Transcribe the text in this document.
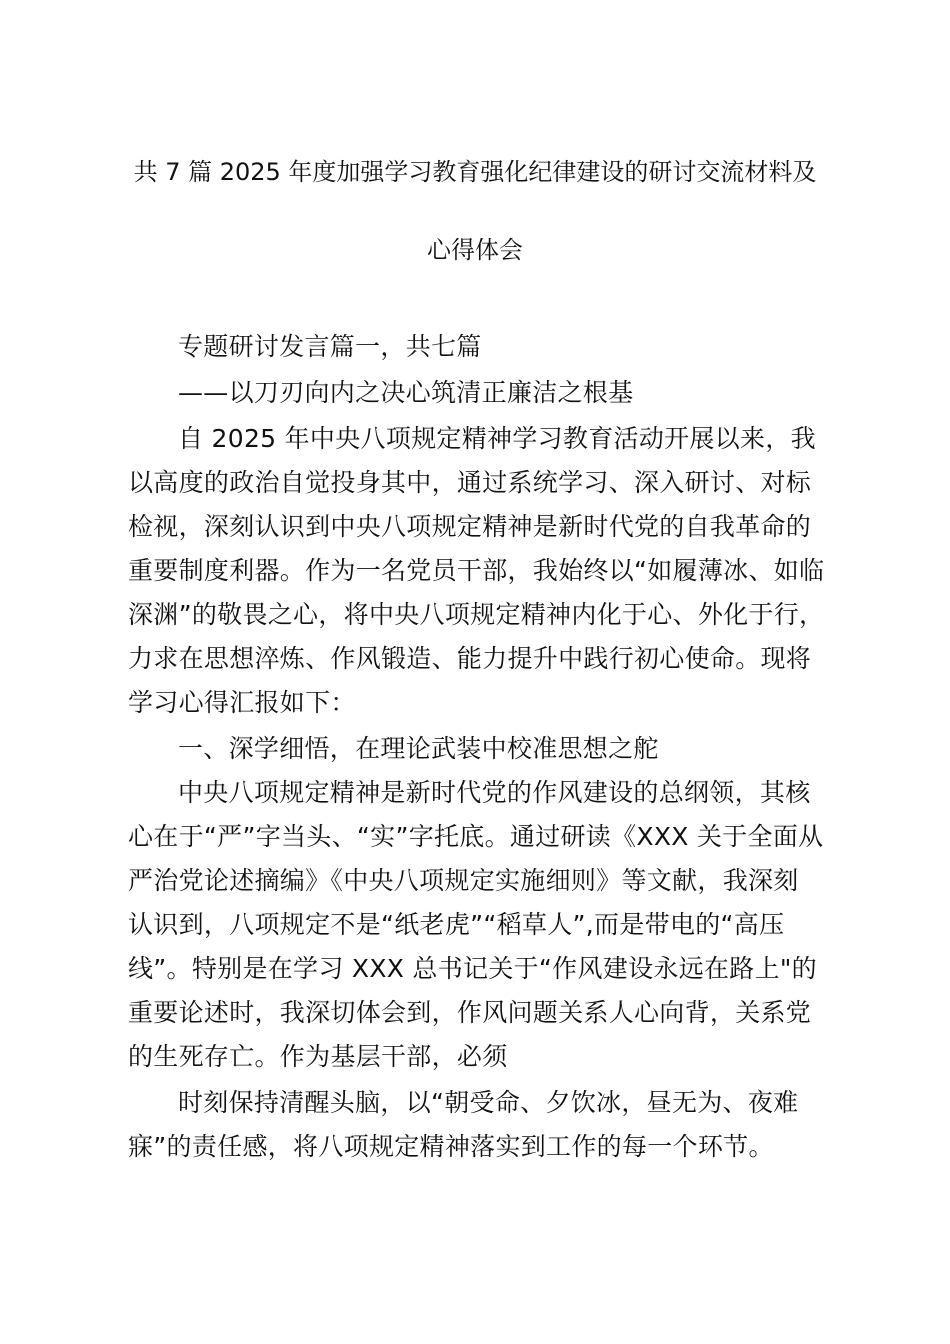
共 7 篇 2025 年度加强学习教育强化纪律建设的研讨交流材料及
心得体会
专题研讨发言篇一，共七篇
——以刀刃向内之决心筑清正廉洁之根基
自 2025 年中央八项规定精神学习教育活动开展以来，我
以高度的政治自觉投身其中，通过系统学习、深入研讨、对标
检视，深刻认识到中央八项规定精神是新时代党的自我革命的
重要制度利器。作为一名党员干部，我始终以“如履薄冰、如临
深渊”的敬畏之心，将中央八项规定精神内化于心、外化于行，
力求在思想淬炼、作风锻造、能力提升中践行初心使命。现将
学习心得汇报如下：
一、深学细悟，在理论武装中校准思想之舵
中央八项规定精神是新时代党的作风建设的总纲领，其核
心在于“严”字当头、“实”字托底。通过研读《XXX 关于全面从
严治党论述摘编》《中央八项规定实施细则》等文献，我深刻
认识到，八项规定不是“纸老虎”“稻草人”,而是带电的“高压
线”。特别是在学习 XXX 总书记关于“作风建设永远在路上"的
重要论述时，我深切体会到，作风问题关系人心向背，关系党
的生死存亡。作为基层干部，必须
时刻保持清醒头脑，以“朝受命、夕饮冰，昼无为、夜难
寐”的责任感，将八项规定精神落实到工作的每一个环节。
